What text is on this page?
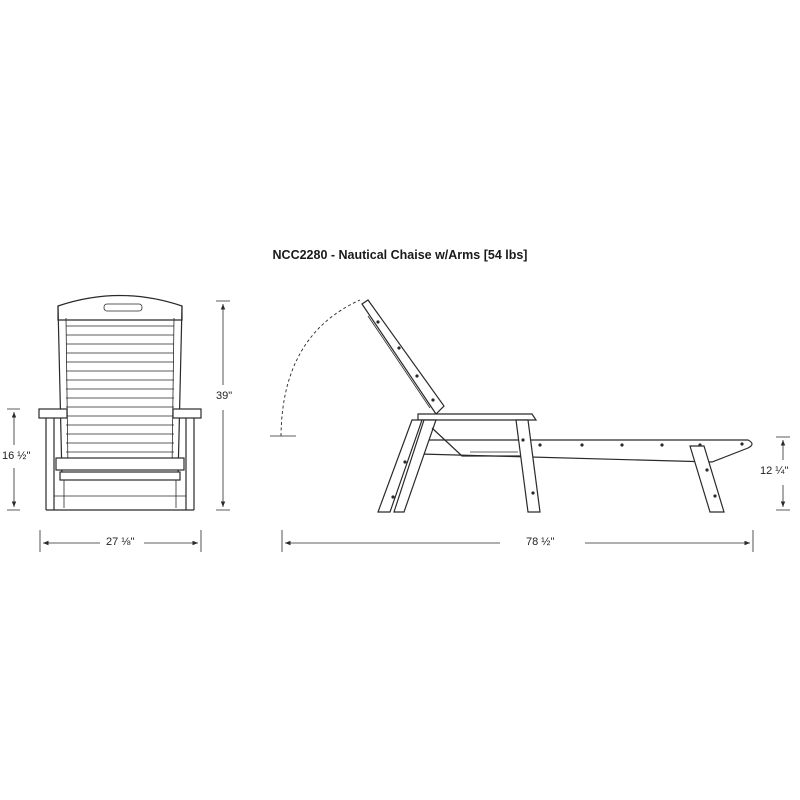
NCC2280 - Nautical Chaise w/Arms [54 lbs]
16 ½"
39"
27 ⅛"	78 ½"
12 ¼"
